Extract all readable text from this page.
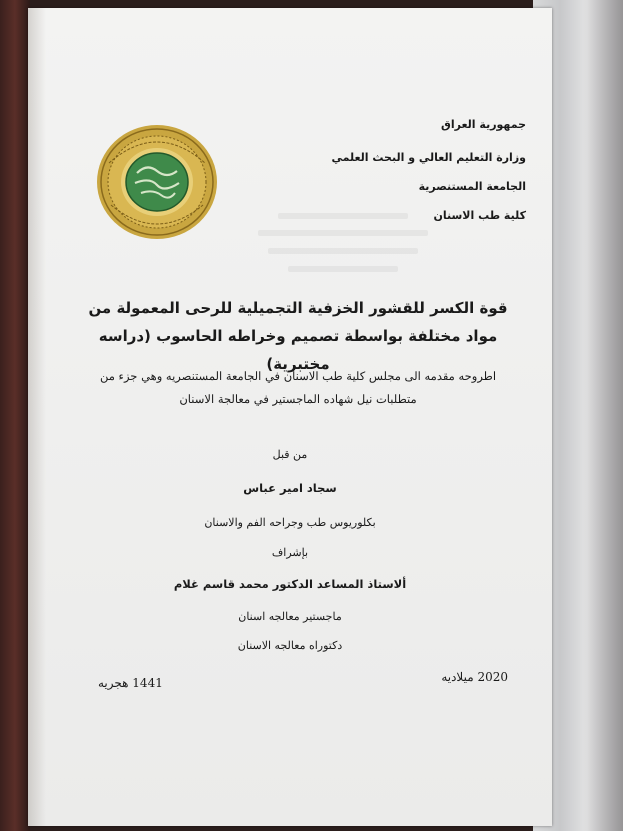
جمهورية العراق
وزارة التعليم العالي و البحث العلمي
الجامعة المستنصرية
كلية طب الاسنان
قوة الكسر للقشور الخزفية التجميلية للرحى المعمولة من مواد مختلفة بواسطة تصميم وخراطه الحاسوب (دراسه مختبرية)
اطروحه مقدمه الى مجلس كلية طب الاسنان في الجامعة المستنصريه وهي جزء من متطلبات نيل شهاده الماجستير في معالجة الاسنان
من قبل
سجاد امير عباس
بكلوريوس طب وجراحه الفم والاسنان
بإشراف
ألاستاذ المساعد الدكتور محمد قاسم غلام
ماجستير معالجه اسنان
دكتوراه معالجه الاسنان
2020 ميلاديه
1441 هجريه
